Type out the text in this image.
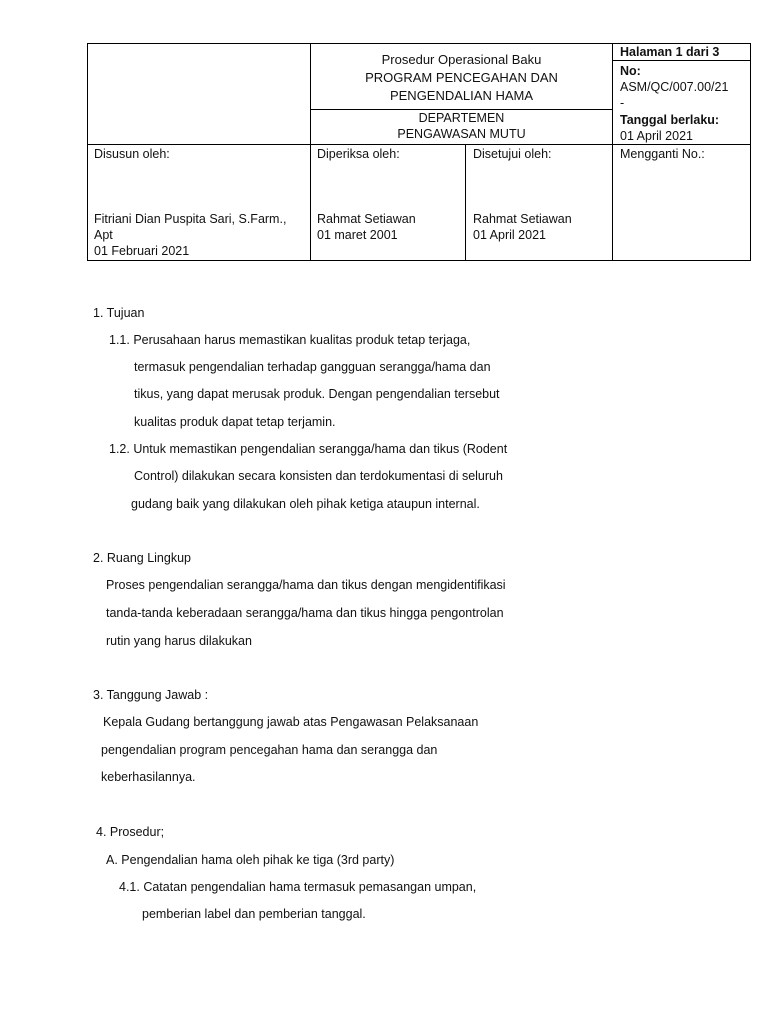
Prosedur Operasional Baku
PROGRAM PENCEGAHAN DAN
PENGENDALIAN HAMA
DEPARTEMEN
PENGAWASAN MUTU
Halaman 1 dari 3
No:
ASM/QC/007.00/21
-
Tanggal berlaku:
01 April 2021
Disusun oleh:
Fitriani Dian Puspita Sari, S.Farm.,
Apt
01 Februari 2021
Diperiksa oleh:
Rahmat Setiawan
01 maret 2001
Disetujui oleh:
Rahmat Setiawan
01 April 2021
Mengganti No.:
1. Tujuan
1.1. Perusahaan harus memastikan kualitas produk tetap terjaga,
termasuk pengendalian terhadap gangguan serangga/hama dan
tikus, yang dapat merusak produk. Dengan pengendalian tersebut
kualitas produk dapat tetap terjamin.
1.2. Untuk memastikan pengendalian serangga/hama dan tikus (Rodent
Control) dilakukan secara konsisten dan terdokumentasi di seluruh
gudang baik yang dilakukan oleh pihak ketiga ataupun internal.
2. Ruang Lingkup
Proses pengendalian serangga/hama dan tikus dengan mengidentifikasi
tanda-tanda keberadaan serangga/hama dan tikus hingga pengontrolan
rutin yang harus dilakukan
3. Tanggung Jawab :
Kepala Gudang bertanggung jawab atas Pengawasan Pelaksanaan
pengendalian program pencegahan hama dan serangga dan
keberhasilannya.
4. Prosedur;
A. Pengendalian hama oleh pihak ke tiga (3rd party)
4.1. Catatan pengendalian hama termasuk pemasangan umpan,
pemberian label dan pemberian tanggal.
